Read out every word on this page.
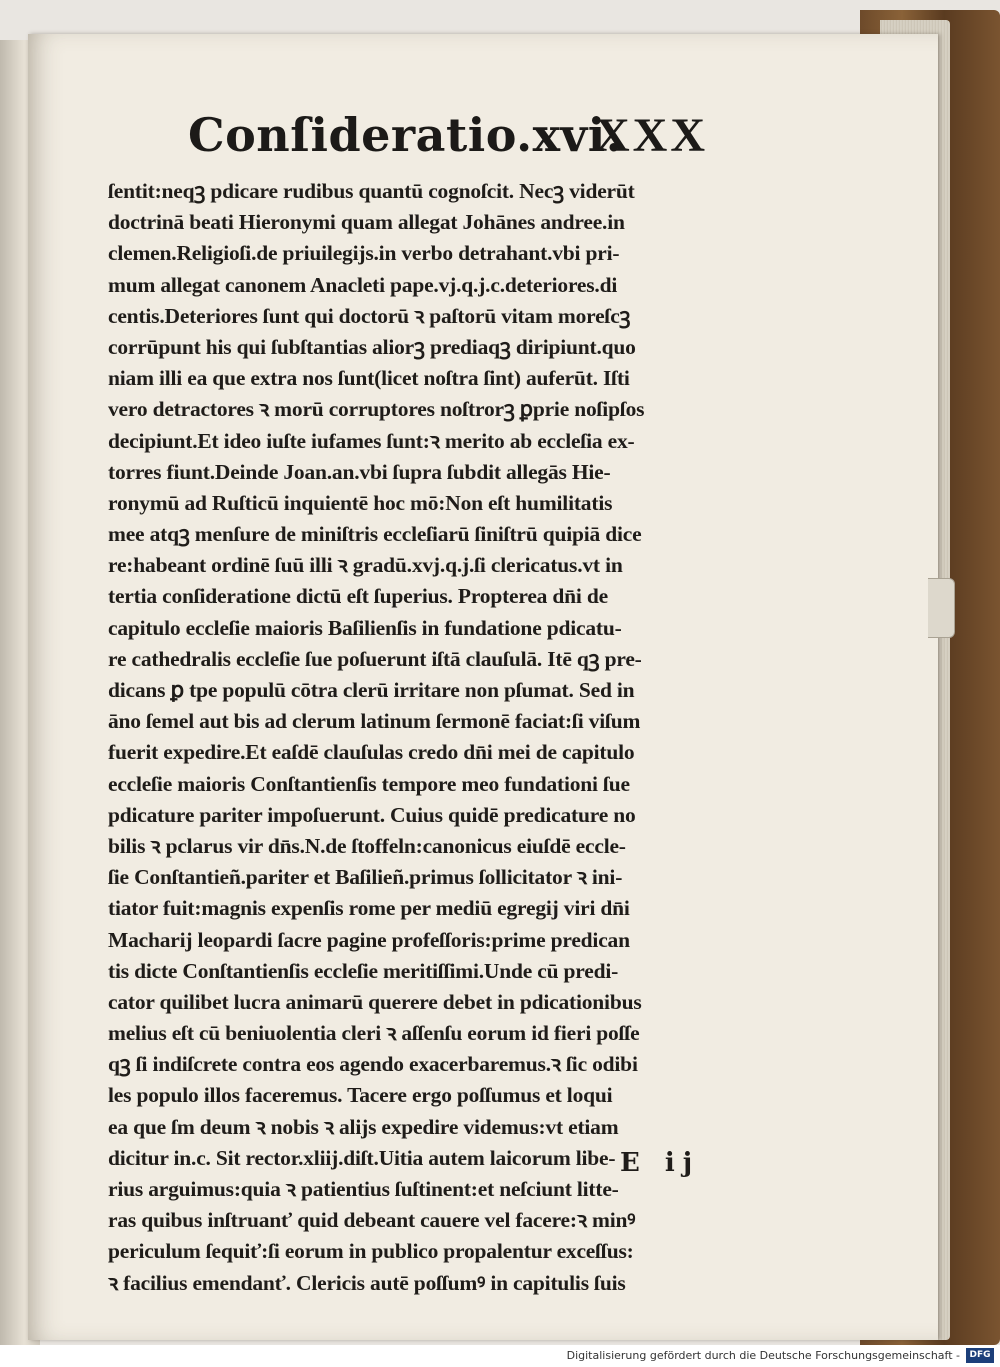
Conſideratio.xvi.
XXX
ſentit:neqꝫ pdicare rudibus quantū cognoſcit. Necꝫ viderūt
doctrinā beati Hieronymi quam allegat Johānes andree.in
clemen.Religioſi.de priuilegijs.in verbo detrahant.vbi pri‑
mum allegat canonem Anacleti pape.vj.q.j.c.deteriores.di
centis.Deteriores ſunt qui doctorū ꝛ paſtorū vitam moreſcꝫ
corrūpunt his qui ſubſtantias aliorꝫ prediaqꝫ diripiunt.quo
niam illi ea que extra nos ſunt(licet noſtra ſint) auferūt. Iſti
vero detractores ꝛ morū corruptores noſtrorꝫ ꝑprie noſipſos
decipiunt.Et ideo iuſte iufames ſunt:ꝛ merito ab eccleſia ex‑
torres fiunt.Deinde Joan.an.vbi ſupra ſubdit allegās Hie‑
ronymū ad Ruſticū inquientē hoc mō:Non eſt humilitatis
mee atqꝫ menſure de miniſtris eccleſiarū ſiniſtrū quipiā dice
re:habeant ordinē ſuū illi ꝛ gradū.xvj.q.j.ſi clericatus.vt in
tertia conſideratione dictū eſt ſuperius. Propterea dn̄i de
capitulo eccleſie maioris Baſilienſis in fundatione pdicatu‑
re cathedralis eccleſie ſue poſuerunt iſtā clauſulā. Itē qꝫ pre‑
dicans ꝑ tpe populū cōtra clerū irritare non pſumat. Sed in
āno ſemel aut bis ad clerum latinum ſermonē faciat:ſi viſum
fuerit expedire.Et eaſdē clauſulas credo dn̄i mei de capitulo
eccleſie maioris Conſtantienſis tempore meo fundationi ſue
pdicature pariter impoſuerunt. Cuius quidē predicature no
bilis ꝛ pclarus vir dn̄s.N.de ſtoffeln:canonicus eiuſdē eccle‑
ſie Conſtantieñ.pariter et Baſilieñ.primus ſollicitator ꝛ ini‑
tiator fuit:magnis expenſis rome per mediū egregij viri dn̄i
Macharij leopardi ſacre pagine profeſſoris:prime predican
tis dicte Conſtantienſis eccleſie meritiſſimi.Unde cū predi‑
cator quilibet lucra animarū querere debet in pdicationibus
melius eſt cū beniuolentia cleri ꝛ aſſenſu eorum id fieri poſſe
qꝫ ſi indiſcrete contra eos agendo exacerbaremus.ꝛ ſic odibi
les populo illos faceremus. Tacere ergo poſſumus et loqui
ea que ſm deum ꝛ nobis ꝛ alijs expedire videmus:vt etiam
dicitur in.c. Sit rector.xliij.diſt.Uitia autem laicorum libe‑
rius arguimus:quia ꝛ patientius ſuſtinent:et neſciunt litte‑
ras quibus inſtruanť quid debeant cauere vel facere:ꝛ minꝰ
periculum ſequiť:ſi eorum in publico propalentur exceſſus:
ꝛ facilius emendanť. Clericis autē poſſumꝰ in capitulis ſuis
E ij
Digitalisierung gefördert durch die Deutsche Forschungsgemeinschaft -	DFG
